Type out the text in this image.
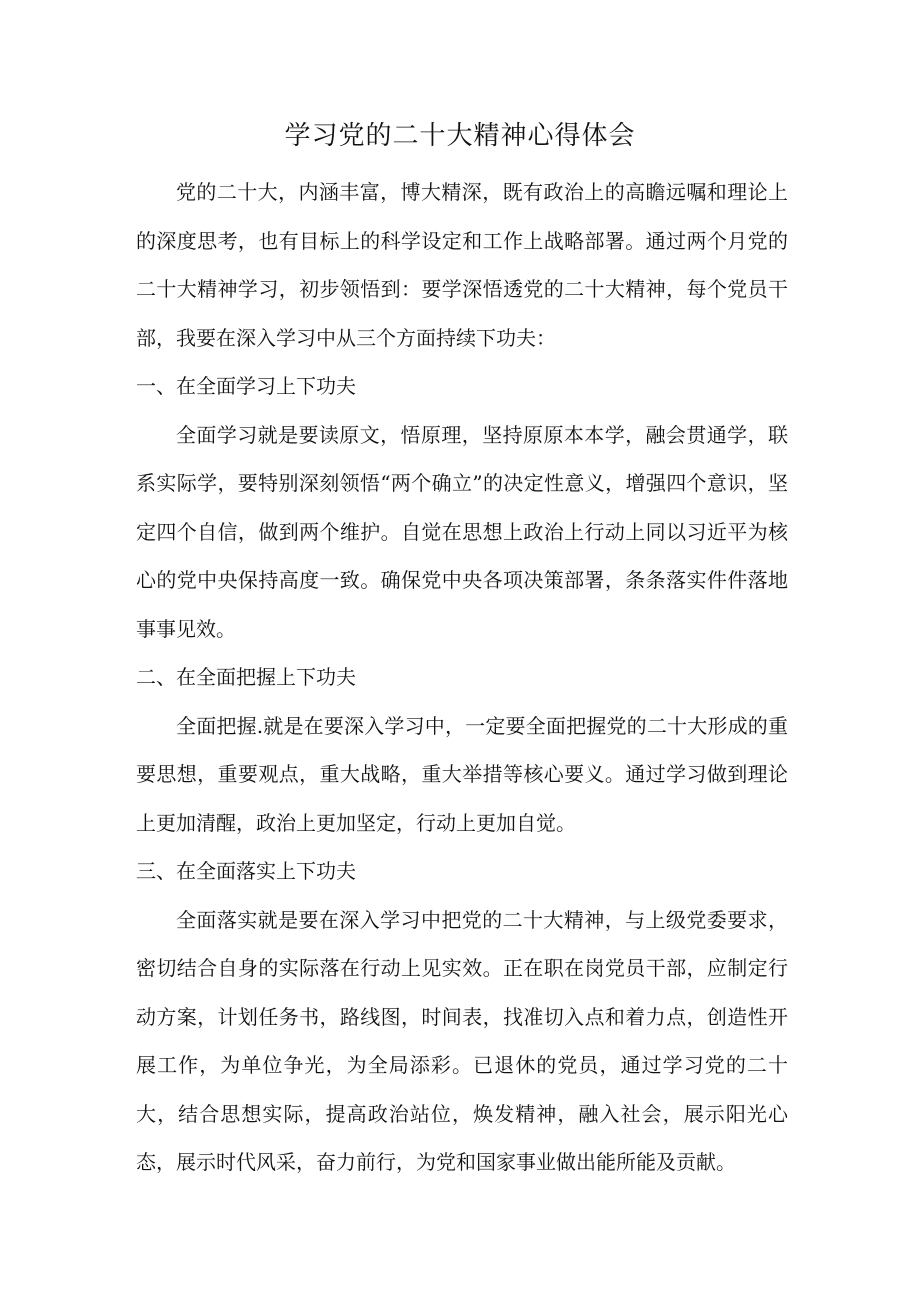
学习党的二十大精神心得体会

党的二十大，内涵丰富，博大精深，既有政治上的高瞻远嘱和理论上的深度思考，也有目标上的科学设定和工作上战略部署。通过两个月党的二十大精神学习，初步领悟到：要学深悟透党的二十大精神，每个党员干部，我要在深入学习中从三个方面持续下功夫：

一、在全面学习上下功夫

全面学习就是要读原文，悟原理，坚持原原本本学，融会贯通学，联系实际学，要特别深刻领悟“两个确立”的决定性意义，增强四个意识，坚定四个自信，做到两个维护。自觉在思想上政治上行动上同以习近平为核心的党中央保持高度一致。确保党中央各项决策部署，条条落实件件落地事事见效。

二、在全面把握上下功夫

全面把握.就是在要深入学习中，一定要全面把握党的二十大形成的重要思想，重要观点，重大战略，重大举措等核心要义。通过学习做到理论上更加清醒，政治上更加坚定，行动上更加自觉。

三、在全面落实上下功夫

全面落实就是要在深入学习中把党的二十大精神，与上级党委要求，密切结合自身的实际落在行动上见实效。正在职在岗党员干部，应制定行动方案，计划任务书，路线图，时间表，找准切入点和着力点，创造性开展工作，为单位争光，为全局添彩。已退休的党员，通过学习党的二十大，结合思想实际，提高政治站位，焕发精神，融入社会，展示阳光心态，展示时代风采，奋力前行，为党和国家事业做出能所能及贡献。
